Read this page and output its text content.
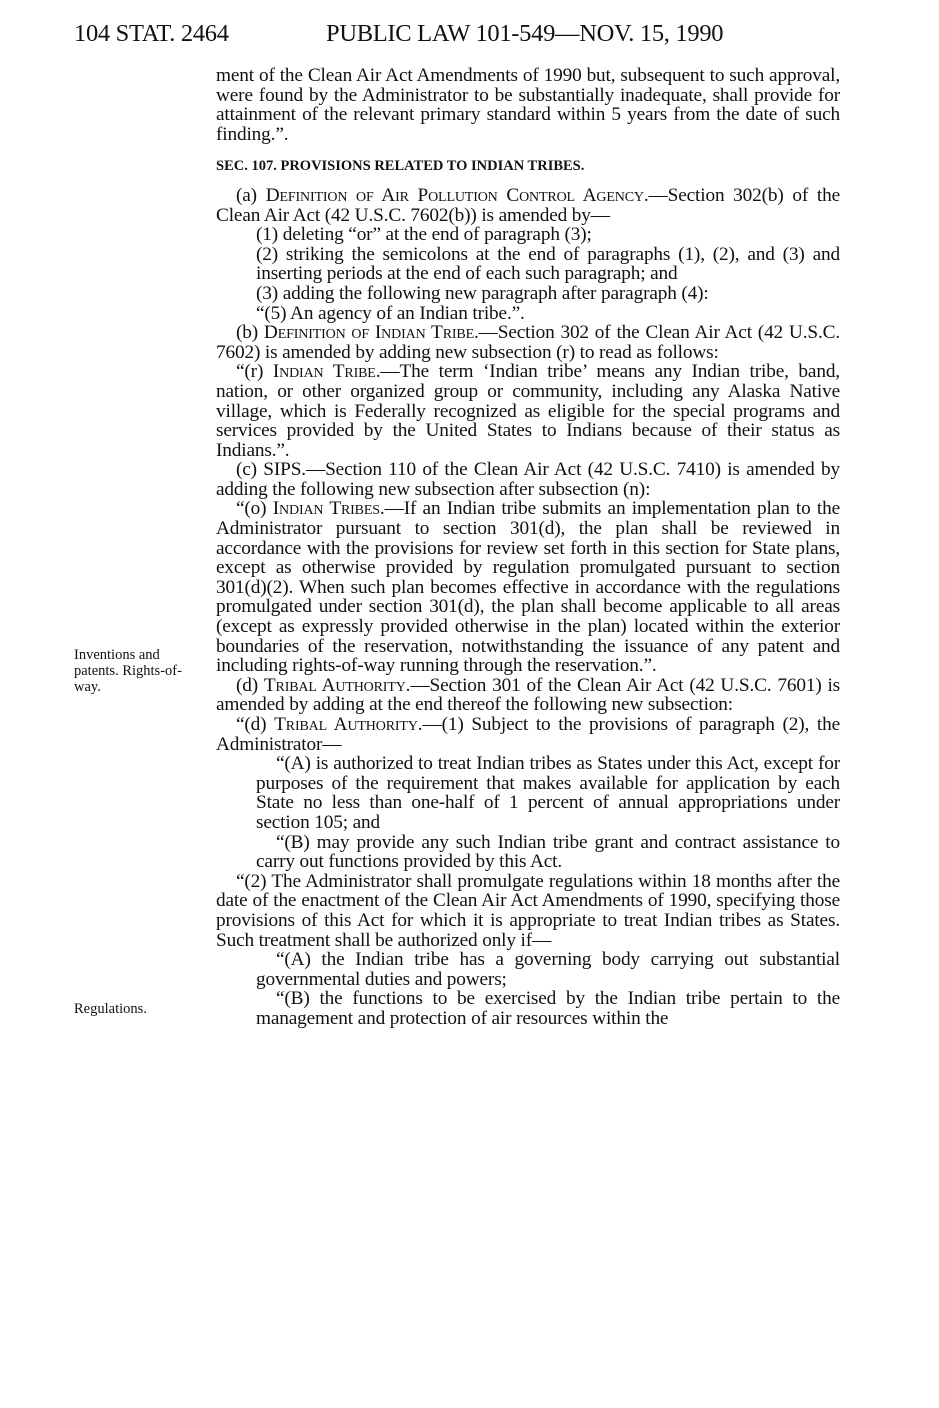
104 STAT. 2464	PUBLIC LAW 101-549—NOV. 15, 1990
Inventions and patents. Rights-of-way.
Regulations.

ment of the Clean Air Act Amendments of 1990 but, subsequent to such approval, were found by the Administrator to be substantially inadequate, shall provide for attainment of the relevant primary standard within 5 years from the date of such finding.”.

SEC. 107. PROVISIONS RELATED TO INDIAN TRIBES.

(a) Definition of Air Pollution Control Agency.—Section 302(b) of the Clean Air Act (42 U.S.C. 7602(b)) is amended by—

(1) deleting “or” at the end of paragraph (3);

(2) striking the semicolons at the end of paragraphs (1), (2), and (3) and inserting periods at the end of each such paragraph; and

(3) adding the following new paragraph after paragraph (4):

“(5) An agency of an Indian tribe.”.

(b) Definition of Indian Tribe.—Section 302 of the Clean Air Act (42 U.S.C. 7602) is amended by adding new subsection (r) to read as follows:

“(r) Indian Tribe.—The term ‘Indian tribe’ means any Indian tribe, band, nation, or other organized group or community, including any Alaska Native village, which is Federally recognized as eligible for the special programs and services provided by the United States to Indians because of their status as Indians.”.

(c) SIPS.—Section 110 of the Clean Air Act (42 U.S.C. 7410) is amended by adding the following new subsection after subsection (n):

“(o) Indian Tribes.—If an Indian tribe submits an implementation plan to the Administrator pursuant to section 301(d), the plan shall be reviewed in accordance with the provisions for review set forth in this section for State plans, except as otherwise provided by regulation promulgated pursuant to section 301(d)(2). When such plan becomes effective in accordance with the regulations promulgated under section 301(d), the plan shall become applicable to all areas (except as expressly provided otherwise in the plan) located within the exterior boundaries of the reservation, notwithstanding the issuance of any patent and including rights-of-way running through the reservation.”.

(d) Tribal Authority.—Section 301 of the Clean Air Act (42 U.S.C. 7601) is amended by adding at the end thereof the following new subsection:

“(d) Tribal Authority.—(1) Subject to the provisions of paragraph (2), the Administrator—

“(A) is authorized to treat Indian tribes as States under this Act, except for purposes of the requirement that makes available for application by each State no less than one-half of 1 percent of annual appropriations under section 105; and

“(B) may provide any such Indian tribe grant and contract assistance to carry out functions provided by this Act.

“(2) The Administrator shall promulgate regulations within 18 months after the date of the enactment of the Clean Air Act Amendments of 1990, specifying those provisions of this Act for which it is appropriate to treat Indian tribes as States. Such treatment shall be authorized only if—

“(A) the Indian tribe has a governing body carrying out substantial governmental duties and powers;

“(B) the functions to be exercised by the Indian tribe pertain to the management and protection of air resources within the
